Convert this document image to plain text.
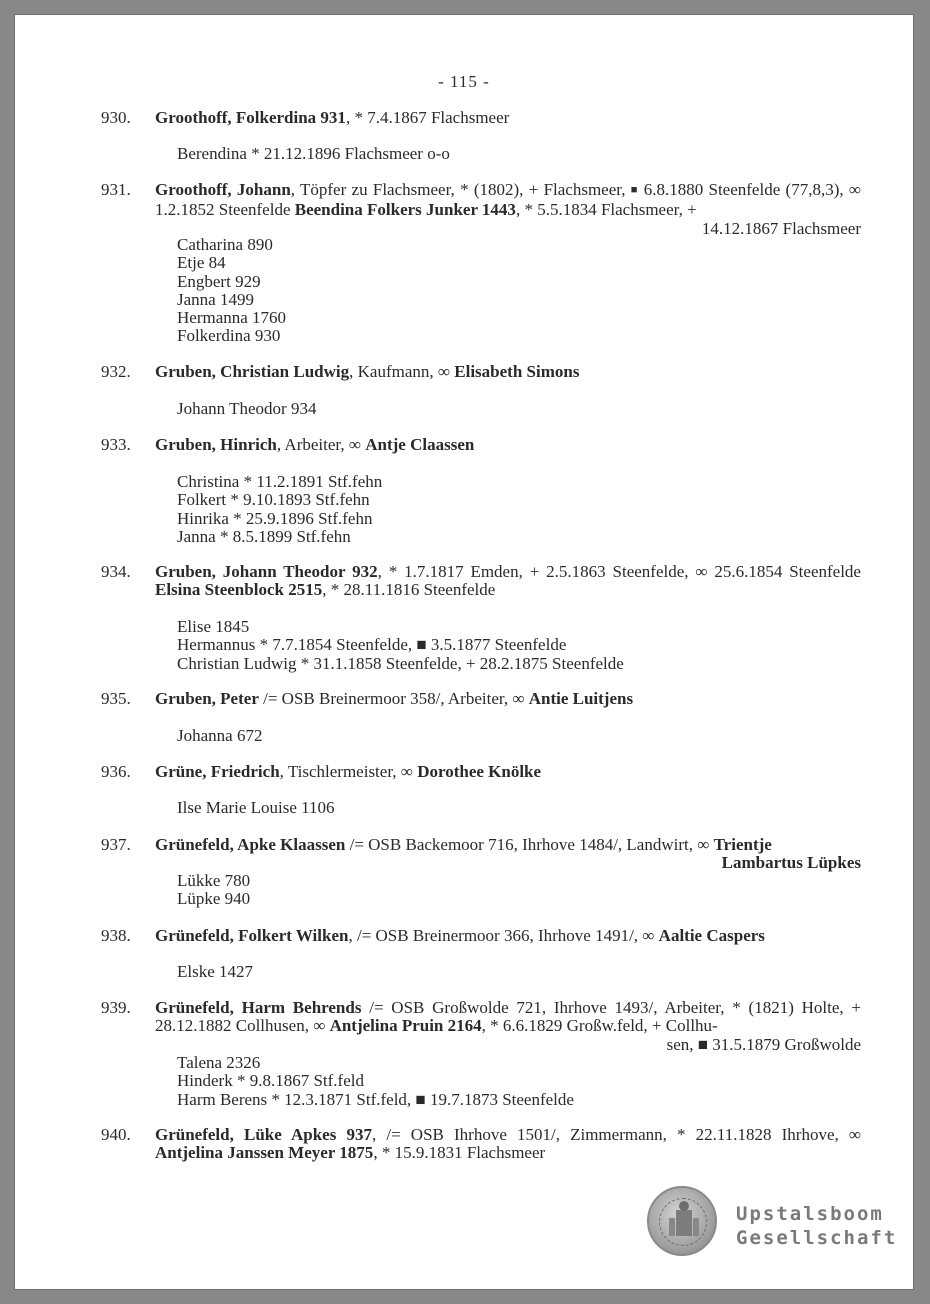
- 115 -
930.	Groothoff, Folkerdina 931, * 7.4.1867 Flachsmeer
Berendina * 21.12.1896 Flachsmeer o-o
931.	Groothoff, Johann, Töpfer zu Flachsmeer, * (1802), + Flachsmeer, ■ 6.8.1880 Steenfelde (77,8,3), ∞ 1.2.1852 Steenfelde Beendina Folkers Junker 1443, * 5.5.1834 Flachsmeer, +
14.12.1867 Flachsmeer
Catharina 890
Etje 84
Engbert 929
Janna 1499
Hermanna 1760
Folkerdina 930
932.	Gruben, Christian Ludwig, Kaufmann, ∞ Elisabeth Simons
Johann Theodor 934
933.	Gruben, Hinrich, Arbeiter, ∞ Antje Claassen
Christina * 11.2.1891 Stf.fehn
Folkert * 9.10.1893 Stf.fehn
Hinrika * 25.9.1896 Stf.fehn
Janna * 8.5.1899 Stf.fehn
934.	Gruben, Johann Theodor 932, * 1.7.1817 Emden, + 2.5.1863 Steenfelde, ∞ 25.6.1854 Steenfelde Elsina Steenblock 2515, * 28.11.1816 Steenfelde
Elise 1845
Hermannus * 7.7.1854 Steenfelde, ■ 3.5.1877 Steenfelde
Christian Ludwig * 31.1.1858 Steenfelde, + 28.2.1875 Steenfelde
935.	Gruben, Peter /= OSB Breinermoor 358/, Arbeiter, ∞ Antie Luitjens
Johanna 672
936.	Grüne, Friedrich, Tischlermeister, ∞ Dorothee Knölke
Ilse Marie Louise 1106
937.	Grünefeld, Apke Klaassen /= OSB Backemoor 716, Ihrhove 1484/, Landwirt, ∞ Trientje
Lambartus Lüpkes
Lükke 780
Lüpke 940
938.	Grünefeld, Folkert Wilken, /= OSB Breinermoor 366, Ihrhove 1491/, ∞ Aaltie Caspers
Elske 1427
939.	Grünefeld, Harm Behrends /= OSB Großwolde 721, Ihrhove 1493/, Arbeiter, * (1821) Holte, + 28.12.1882 Collhusen, ∞ Antjelina Pruin 2164, * 6.6.1829 Großw.feld, + Collhu-
sen, ■ 31.5.1879 Großwolde
Talena 2326
Hinderk * 9.8.1867 Stf.feld
Harm Berens * 12.3.1871 Stf.feld, ■ 19.7.1873 Steenfelde
940.	Grünefeld, Lüke Apkes 937, /= OSB Ihrhove 1501/, Zimmermann, * 22.11.1828 Ihrhove, ∞ Antjelina Janssen Meyer 1875, * 15.9.1831 Flachsmeer
Upstalsboom
Gesellschaft
